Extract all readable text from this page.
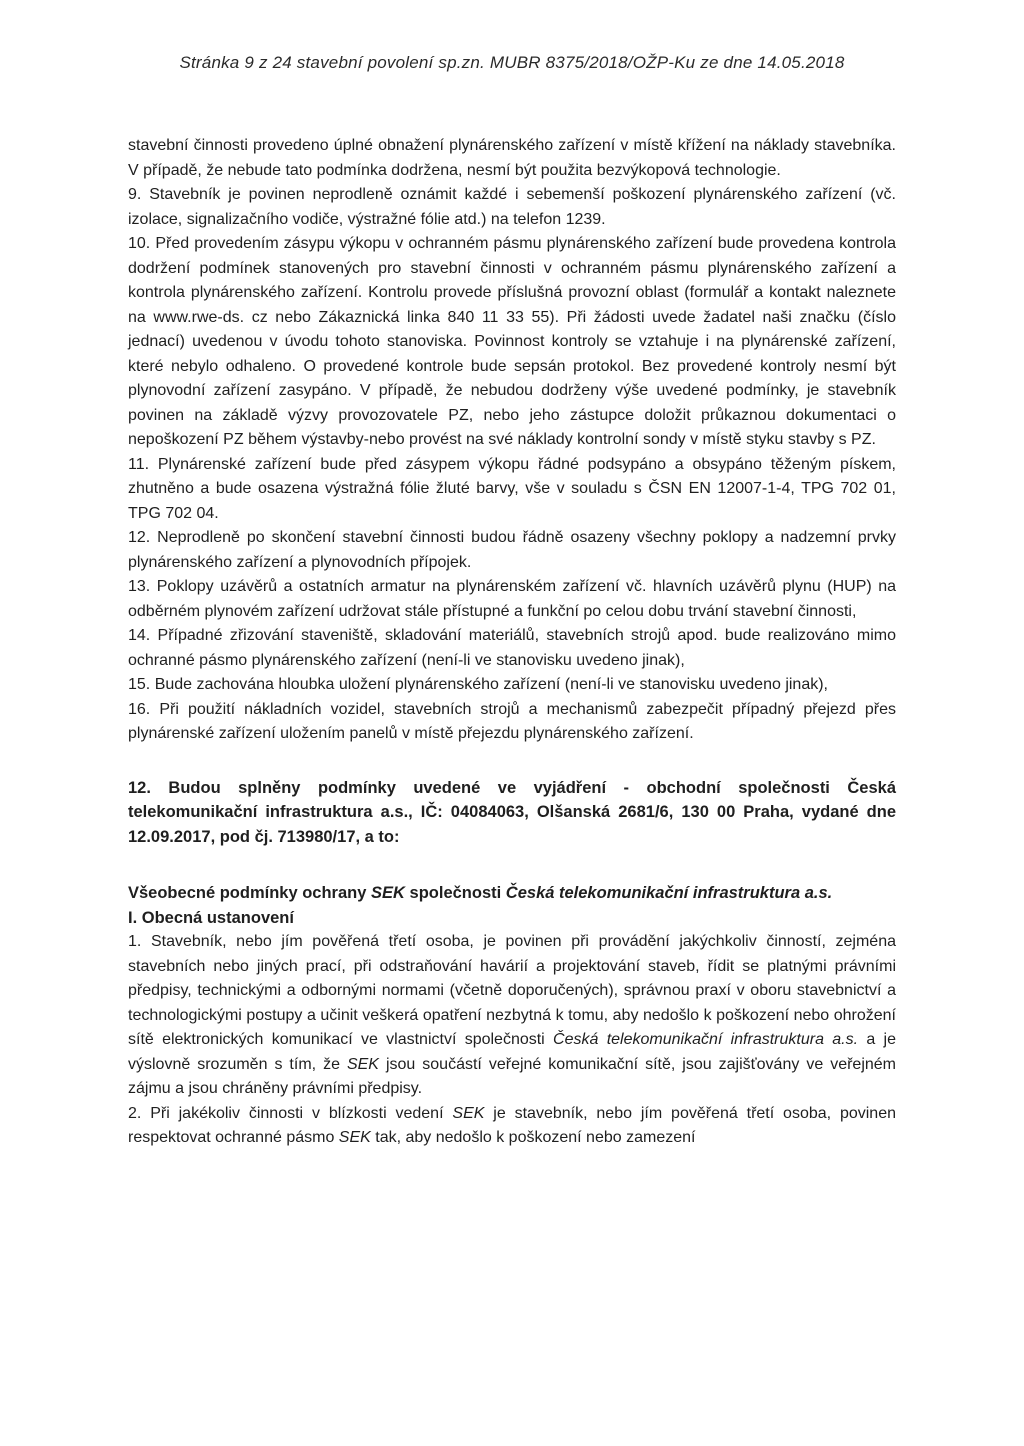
Stránka 9 z 24 stavební povolení sp.zn. MUBR 8375/2018/OŽP-Ku ze dne 14.05.2018

stavební činnosti provedeno úplné obnažení plynárenského zařízení v místě křížení na náklady stavebníka. V případě, že nebude tato podmínka dodržena, nesmí být použita bezvýkopová technologie.

9. Stavebník je povinen neprodleně oznámit každé i sebemenší poškození plynárenského zařízení (vč. izolace, signalizačního vodiče, výstražné fólie atd.) na telefon 1239.

10. Před provedením zásypu výkopu v ochranném pásmu plynárenského zařízení bude provedena kontrola dodržení podmínek stanovených pro stavební činnosti v ochranném pásmu plynárenského zařízení a kontrola plynárenského zařízení. Kontrolu provede příslušná provozní oblast (formulář a kontakt naleznete na www.rwe-ds. cz nebo Zákaznická linka 840 11 33 55). Při žádosti uvede žadatel naši značku (číslo jednací) uvedenou v úvodu tohoto stanoviska. Povinnost kontroly se vztahuje i na plynárenské zařízení, které nebylo odhaleno. O provedené kontrole bude sepsán protokol. Bez provedené kontroly nesmí být plynovodní zařízení zasypáno. V případě, že nebudou dodrženy výše uvedené podmínky, je stavebník povinen na základě výzvy provozovatele PZ, nebo jeho zástupce doložit průkaznou dokumentaci o nepoškození PZ během výstavby-nebo provést na své náklady kontrolní sondy v místě styku stavby s PZ.

11. Plynárenské zařízení bude před zásypem výkopu řádné podsypáno a obsypáno těženým pískem, zhutněno a bude osazena výstražná fólie žluté barvy, vše v souladu s ČSN EN 12007-1-4, TPG 702 01, TPG 702 04.

12. Neprodleně po skončení stavební činnosti budou řádně osazeny všechny poklopy a nadzemní prvky plynárenského zařízení a plynovodních přípojek.

13. Poklopy uzávěrů a ostatních armatur na plynárenském zařízení vč. hlavních uzávěrů plynu (HUP) na odběrném plynovém zařízení udržovat stále přístupné a funkční po celou dobu trvání stavební činnosti,

14. Případné zřizování staveniště, skladování materiálů, stavebních strojů apod. bude realizováno mimo ochranné pásmo plynárenského zařízení (není-li ve stanovisku uvedeno jinak),

15. Bude zachována hloubka uložení plynárenského zařízení (není-li ve stanovisku uvedeno jinak),

16. Při použití nákladních vozidel, stavebních strojů a mechanismů zabezpečit případný přejezd přes plynárenské zařízení uložením panelů v místě přejezdu plynárenského zařízení.

12. Budou splněny podmínky uvedené ve vyjádření - obchodní společnosti Česká telekomunikační infrastruktura a.s., IČ: 04084063, Olšanská 2681/6, 130 00 Praha, vydané dne 12.09.2017, pod čj. 713980/17, a to:

Všeobecné podmínky ochrany SEK společnosti Česká telekomunikační infrastruktura a.s.

I. Obecná ustanovení

1. Stavebník, nebo jím pověřená třetí osoba, je povinen při provádění jakýchkoliv činností, zejména stavebních nebo jiných prací, při odstraňování havárií a projektování staveb, řídit se platnými právními předpisy, technickými a odbornými normami (včetně doporučených), správnou praxí v oboru stavebnictví a technologickými postupy a učinit veškerá opatření nezbytná k tomu, aby nedošlo k poškození nebo ohrožení sítě elektronických komunikací ve vlastnictví společnosti Česká telekomunikační infrastruktura a.s. a je výslovně srozuměn s tím, že SEK jsou součástí veřejné komunikační sítě, jsou zajišťovány ve veřejném zájmu a jsou chráněny právními předpisy.

2. Při jakékoliv činnosti v blízkosti vedení SEK je stavebník, nebo jím pověřená třetí osoba, povinen respektovat ochranné pásmo SEK tak, aby nedošlo k poškození nebo zamezení
